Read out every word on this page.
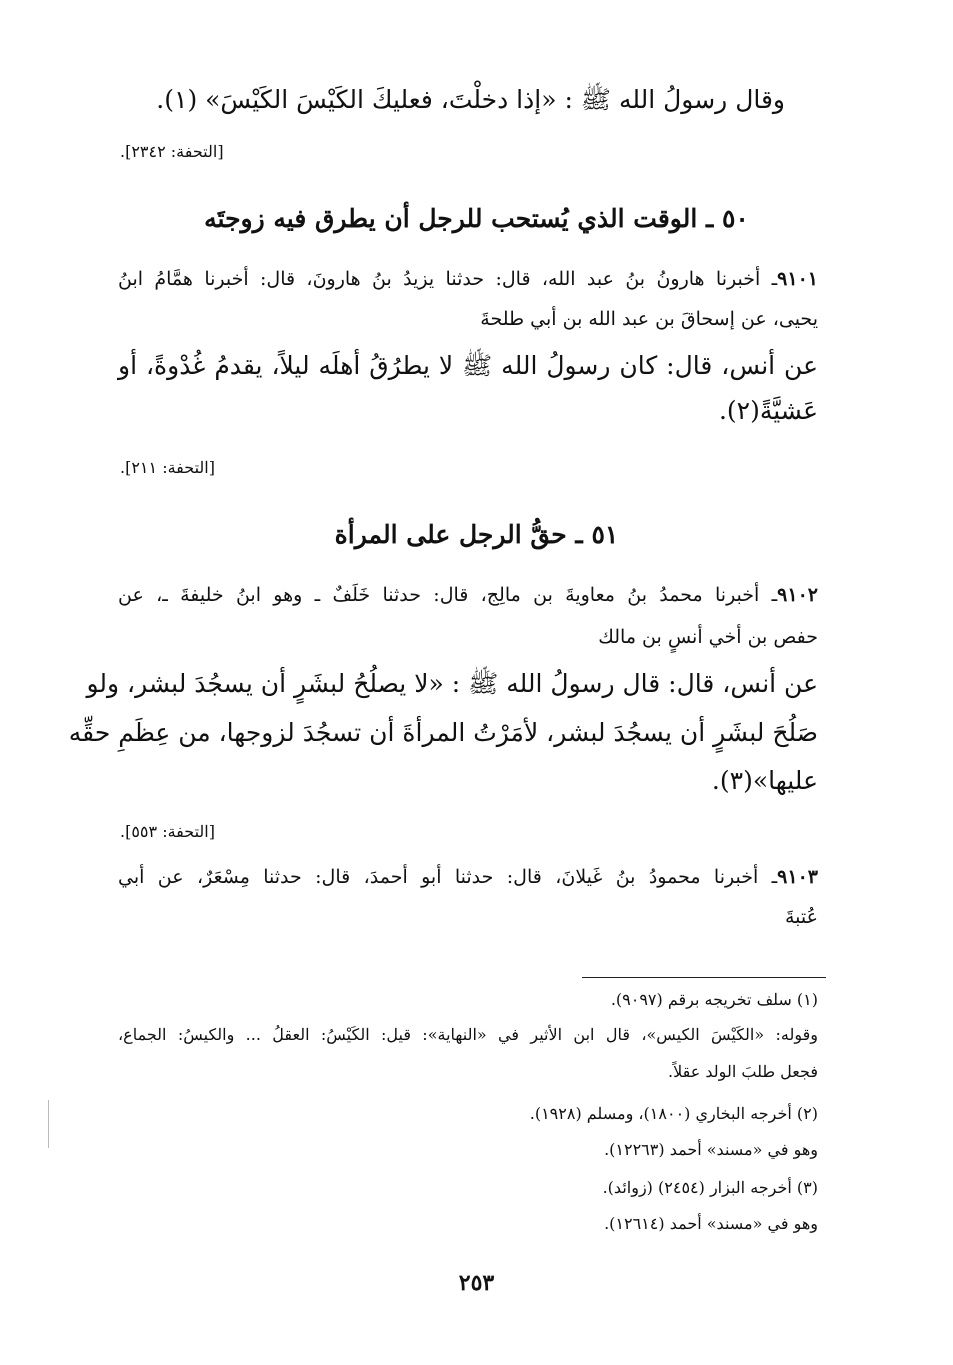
وقال رسولُ الله ﷺ : «إذا دخلْتَ، فعليكَ الكَيْسَ الكَيْسَ» (١).
[التحفة: ٢٣٤٢].
٥٠ ـ الوقت الذي يُستحب للرجل أن يطرق فيه زوجتَه
٩١٠١ـ أخبرنا هارونُ بنُ عبد الله، قال: حدثنا يزيدُ بنُ هارونَ، قال: أخبرنا همَّامُ ابنُ
يحيى، عن إسحاقَ بن عبد الله بن أبي طلحةَ
عن أنس، قال: كان رسولُ الله ﷺ لا يطرُقُ أهلَه ليلاً، يقدمُ غُدْوةً، أو
عَشيَّةً(٢).
[التحفة: ٢١١].
٥١ ـ حقُّ الرجل على المرأة
٩١٠٢ـ أخبرنا محمدُ بنُ معاويةَ بن مالِج، قال: حدثنا خَلَفٌ ـ وهو ابنُ خليفةَ ـ، عن
حفص بن أخي أنسٍ بن مالك
عن أنس، قال: قال رسولُ الله ﷺ : «لا يصلُحُ لبشَرٍ أن يسجُدَ لبشر، ولو
صَلُحَ لبشَرٍ أن يسجُدَ لبشر، لأمَرْتُ المرأةَ أن تسجُدَ لزوجها، من عِظَمِ حقِّه
عليها»(٣).
[التحفة: ٥٥٣].
٩١٠٣ـ أخبرنا محمودُ بنُ غَيلانَ، قال: حدثنا أبو أحمدَ، قال: حدثنا مِسْعَرٌ، عن أبي
عُتبةَ
(١) سلف تخريجه برقم (٩٠٩٧).
وقوله: «الكَيْسَ الكيس»، قال ابن الأثير في «النهاية»: قيل: الكَيْسُ: العقلُ ... والكيسُ: الجماع،
فجعل طلبَ الولد عقلاً.
(٢) أخرجه البخاري (١٨٠٠)، ومسلم (١٩٢٨).
وهو في «مسند» أحمد (١٢٢٦٣).
(٣) أخرجه البزار (٢٤٥٤) (زوائد).
وهو في «مسند» أحمد (١٢٦١٤).
٢٥٣
